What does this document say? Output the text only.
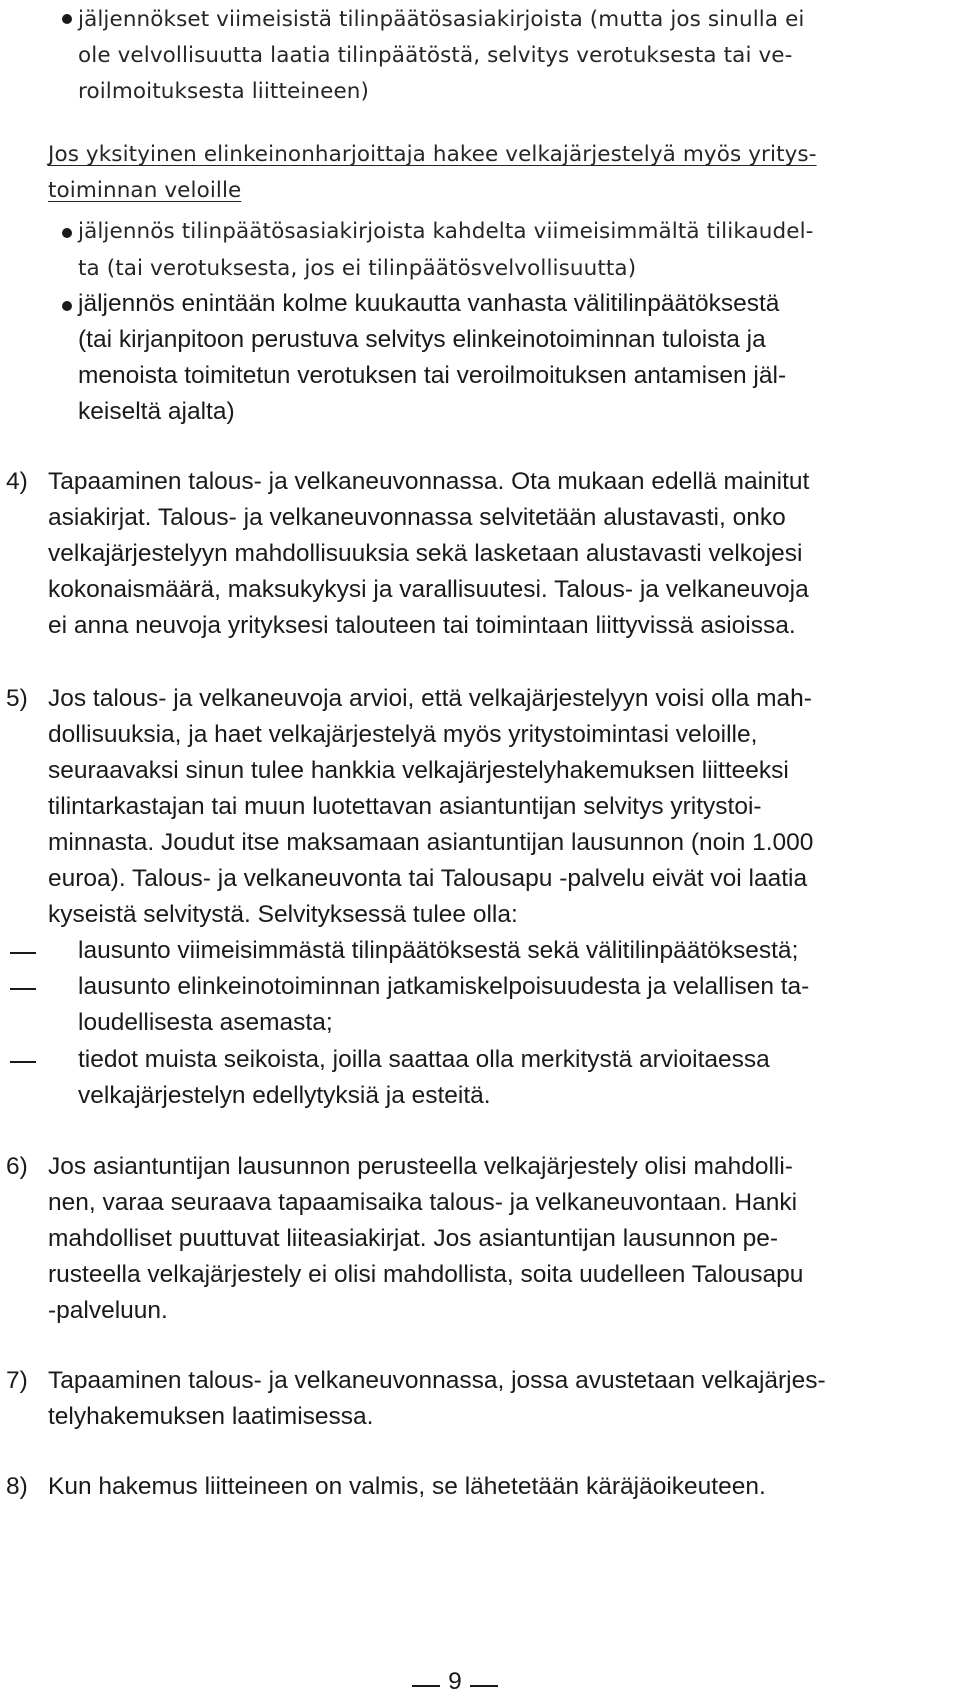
jäljennökset viimeisistä tilinpäätösasiakirjoista (mutta jos sinulla ei
ole velvollisuutta laatia tilinpäätöstä, selvitys verotuksesta tai ve-
roilmoituksesta liitteineen)
Jos yksityinen elinkeinonharjoittaja hakee velkajärjestelyä myös yritys-
toiminnan veloille
jäljennös tilinpäätösasiakirjoista kahdelta viimeisimmältä tilikaudel-
ta (tai verotuksesta, jos ei tilinpäätösvelvollisuutta)
jäljennös enintään kolme kuukautta vanhasta välitilinpäätöksestä
(tai kirjanpitoon perustuva selvitys elinkeinotoiminnan tuloista ja
menoista toimitetun verotuksen tai veroilmoituksen antamisen jäl-
keiseltä ajalta)
4) Tapaaminen talous- ja velkaneuvonnassa. Ota mukaan edellä mainitut
asiakirjat. Talous- ja velkaneuvonnassa selvitetään alustavasti, onko
velkajärjestelyyn mahdollisuuksia sekä lasketaan alustavasti velkojesi
kokonaismäärä, maksukykysi ja varallisuutesi. Talous- ja velkaneuvoja
ei anna neuvoja yrityksesi talouteen tai toimintaan liittyvissä asioissa.
5) Jos talous- ja velkaneuvoja arvioi, että velkajärjestelyyn voisi olla mah-
dollisuuksia, ja haet velkajärjestelyä myös yritystoimintasi veloille,
seuraavaksi sinun tulee hankkia velkajärjestelyhakemuksen liitteeksi
tilintarkastajan tai muun luotettavan asiantuntijan selvitys yritystoi-
minnasta. Joudut itse maksamaan asiantuntijan lausunnon (noin 1.000
euroa). Talous- ja velkaneuvonta tai Talousapu -palvelu eivät voi laatia
kyseistä selvitystä. Selvityksessä tulee olla:
lausunto viimeisimmästä tilinpäätöksestä sekä välitilinpäätöksestä;
lausunto elinkeinotoiminnan jatkamiskelpoisuudesta ja velallisen ta-
loudellisesta asemasta;
tiedot muista seikoista, joilla saattaa olla merkitystä arvioitaessa
velkajärjestelyn edellytyksiä ja esteitä.
6) Jos asiantuntijan lausunnon perusteella velkajärjestely olisi mahdolli-
nen, varaa seuraava tapaamisaika talous- ja velkaneuvontaan. Hanki
mahdolliset puuttuvat liiteasiakirjat. Jos asiantuntijan lausunnon pe-
rusteella velkajärjestely ei olisi mahdollista, soita uudelleen Talousapu
-palveluun.
7) Tapaaminen talous- ja velkaneuvonnassa, jossa avustetaan velkajärjes-
telyhakemuksen laatimisessa.
8) Kun hakemus liitteineen on valmis, se lähetetään käräjäoikeuteen.
9
